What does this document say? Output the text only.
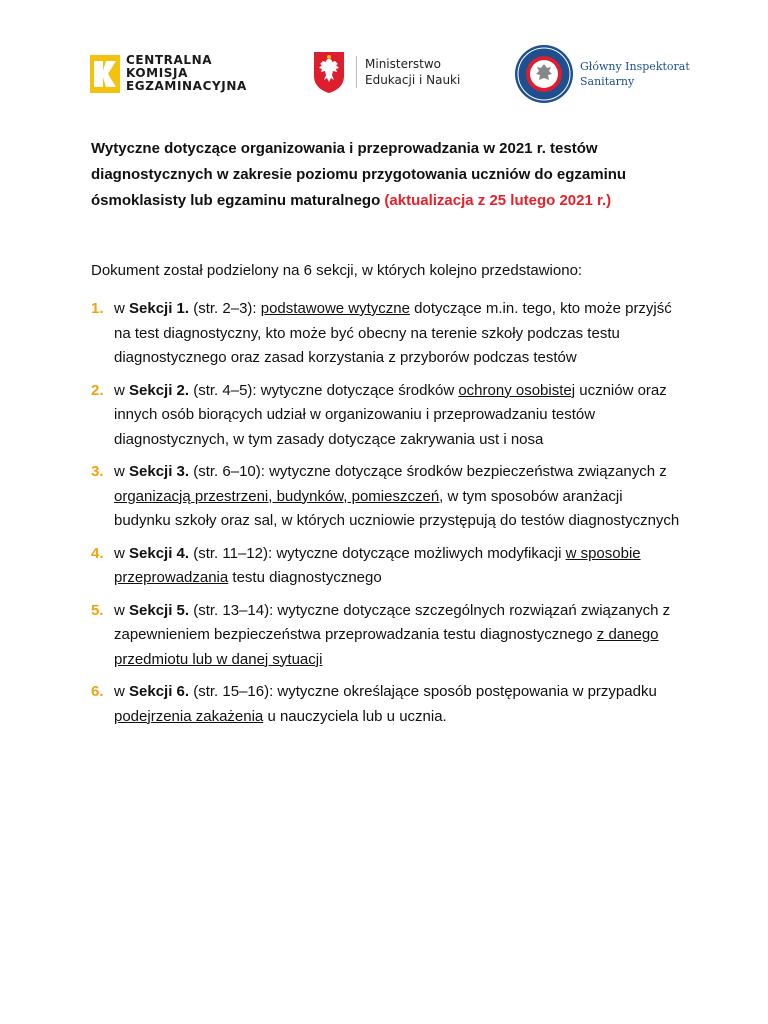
CENTRALNA
KOMISJA
EGZAMINACYJNA
Ministerstwo
Edukacji i Nauki
Główny Inspektorat
Sanitarny
Wytyczne dotyczące organizowania i przeprowadzania w 2021 r. testów diagnostycznych w zakresie poziomu przygotowania uczniów do egzaminu ósmoklasisty lub egzaminu maturalnego (aktualizacja z 25 lutego 2021 r.)
Dokument został podzielony na 6 sekcji, w których kolejno przedstawiono:
1. w Sekcji 1. (str. 2–3): podstawowe wytyczne dotyczące m.in. tego, kto może przyjść na test diagnostyczny, kto może być obecny na terenie szkoły podczas testu diagnostycznego oraz zasad korzystania z przyborów podczas testów
2. w Sekcji 2. (str. 4–5): wytyczne dotyczące środków ochrony osobistej uczniów oraz innych osób biorących udział w organizowaniu i przeprowadzaniu testów diagnostycznych, w tym zasady dotyczące zakrywania ust i nosa
3. w Sekcji 3. (str. 6–10): wytyczne dotyczące środków bezpieczeństwa związanych z organizacją przestrzeni, budynków, pomieszczeń, w tym sposobów aranżacji budynku szkoły oraz sal, w których uczniowie przystępują do testów diagnostycznych
4. w Sekcji 4. (str. 11–12): wytyczne dotyczące możliwych modyfikacji w sposobie przeprowadzania testu diagnostycznego
5. w Sekcji 5. (str. 13–14): wytyczne dotyczące szczególnych rozwiązań związanych z zapewnieniem bezpieczeństwa przeprowadzania testu diagnostycznego z danego przedmiotu lub w danej sytuacji
6. w Sekcji 6. (str. 15–16): wytyczne określające sposób postępowania w przypadku podejrzenia zakażenia u nauczyciela lub u ucznia.
